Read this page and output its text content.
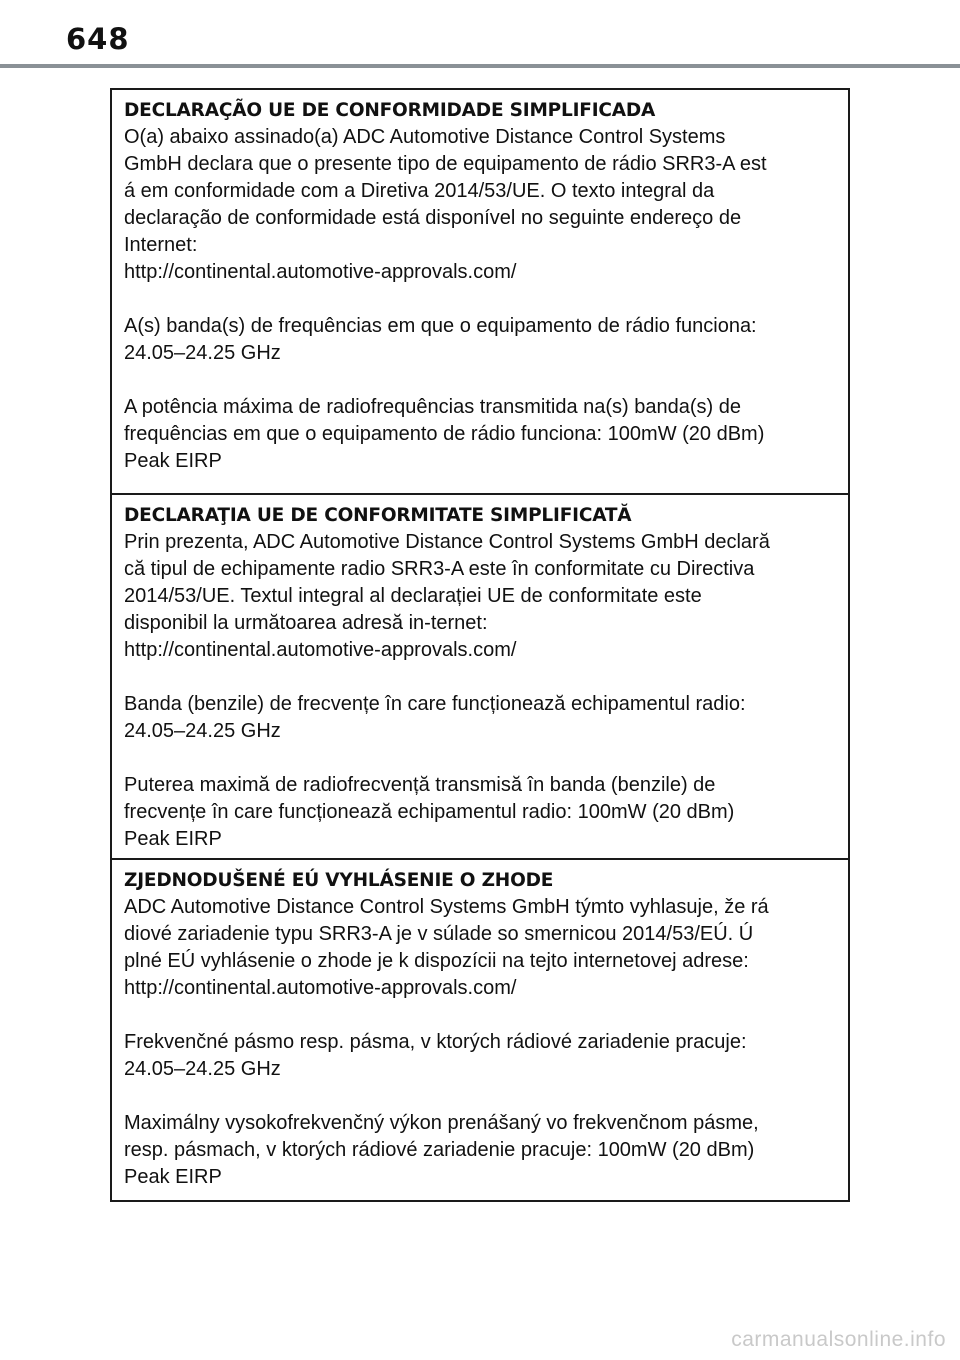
648

DECLARAÇÃO UE DE CONFORMIDADE SIMPLIFICADA

O(a) abaixo assinado(a) ADC Automotive Distance Control Systems

GmbH declara que o presente tipo de equipamento de rádio SRR3-A est

á em conformidade com a Diretiva 2014/53/UE. O texto integral da

declaração de conformidade está disponível no seguinte endereço de

Internet:

http://continental.automotive-approvals.com/

A(s) banda(s) de frequências em que o equipamento de rádio funciona:

24.05–24.25 GHz

A potência máxima de radiofrequências transmitida na(s) banda(s) de

frequências em que o equipamento de rádio funciona: 100mW (20 dBm)

Peak EIRP

DECLARAŢIA UE DE CONFORMITATE SIMPLIFICATĂ

Prin prezenta, ADC Automotive Distance Control Systems GmbH declară

că tipul de echipamente radio SRR3-A este în conformitate cu Directiva

2014/53/UE. Textul integral al declarației UE de conformitate este

disponibil la următoarea adresă in-ternet:

http://continental.automotive-approvals.com/

Banda (benzile) de frecvențe în care funcționează echipamentul radio:

24.05–24.25 GHz

Puterea maximă de radiofrecvență transmisă în banda (benzile) de

frecvențe în care funcționează echipamentul radio: 100mW (20 dBm)

Peak EIRP

ZJEDNODUŠENÉ EÚ VYHLÁSENIE O ZHODE

ADC Automotive Distance Control Systems GmbH týmto vyhlasuje, že rá

diové zariadenie typu SRR3-A je v súlade so smernicou 2014/53/EÚ. Ú

plné EÚ vyhlásenie o zhode je k dispozícii na tejto internetovej adrese:

http://continental.automotive-approvals.com/

Frekvenčné pásmo resp. pásma, v ktorých rádiové zariadenie pracuje:

24.05–24.25 GHz

Maximálny vysokofrekvenčný výkon prenášaný vo frekvenčnom pásme,

resp. pásmach, v ktorých rádiové zariadenie pracuje: 100mW (20 dBm)

Peak EIRP

carmanualsonline.info
